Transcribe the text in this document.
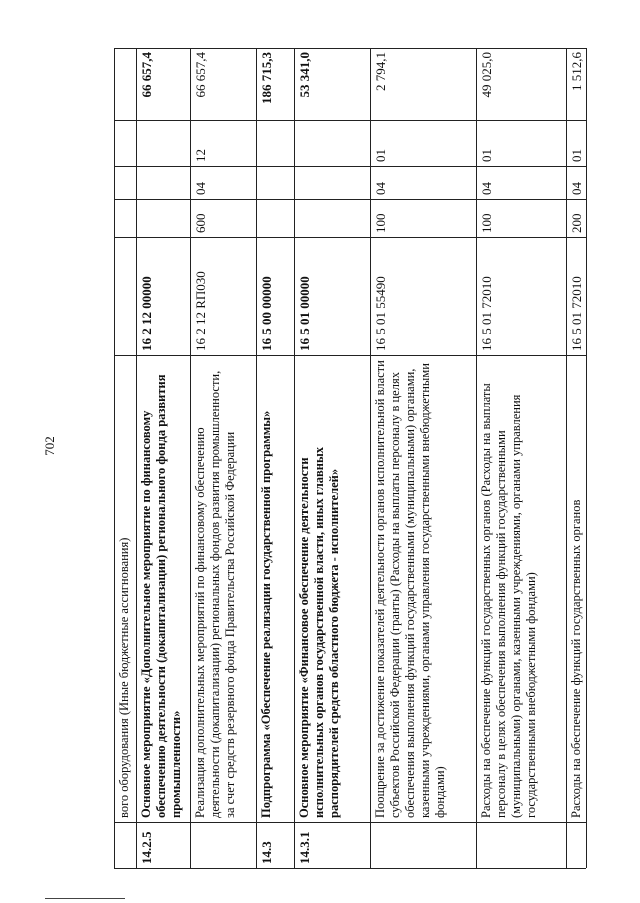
702
вого оборудования (Иные бюджетные ассигнования)
66 657,4
16 2 12 00000
Основное мероприятие «Дополнительное мероприятие по финансовому обеспечению деятельности (докапитализации) регионального фонда развития промышленности»
14.2.5
66 657,4
12
04
600
16 2 12 RП030
Реализация дополнительных мероприятий по финансовому обеспечению деятельности (докапитализации) региональных фондов развития промышленности, за счет средств резервного фонда Правительства Российской Федерации
186 715,3
16 5 00 00000
Подпрограмма «Обеспечение реализации государственной программы»
14.3
53 341,0
16 5 01 00000
Основное мероприятие «Финансовое обеспечение деятельности исполнительных органов государственной власти, иных главных распорядителей средств областного бюджета - исполнителей»
14.3.1
2 794,1
01
04
100
16 5 01 55490
Поощрение за достижение показателей деятельности органов исполнительной власти субъектов Российской Федерации (гранты) (Расходы на выплаты персоналу в целях обеспечения выполнения функций государственными (муниципальными) органами, казенными учреждениями, органами управления государственными внебюджетными фондами)
49 025,0
01
04
100
16 5 01 72010
Расходы на обеспечение функций государственных органов (Расходы на выплаты персоналу в целях обеспечения выполнения функций государственными (муниципальными) органами, казенными учреждениями, органами управления государственными внебюджетными фондами)
1 512,6
01
04
200
16 5 01 72010
Расходы на обеспечение функций государственных органов
